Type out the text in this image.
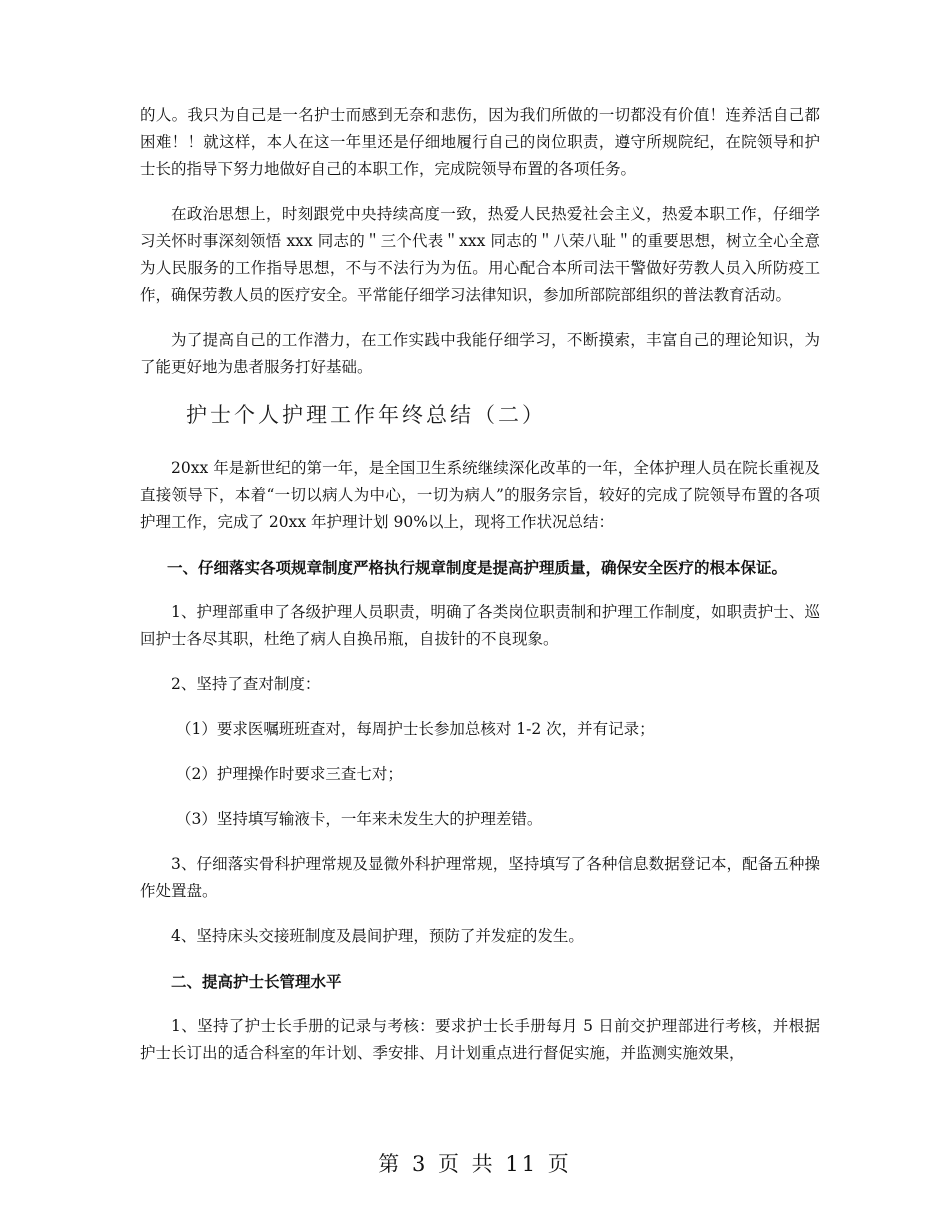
的人。我只为自己是一名护士而感到无奈和悲伤，因为我们所做的一切都没有价值！连养活自己都困难！！就这样，本人在这一年里还是仔细地履行自己的岗位职责，遵守所规院纪，在院领导和护士长的指导下努力地做好自己的本职工作，完成院领导布置的各项任务。

在政治思想上，时刻跟党中央持续高度一致，热爱人民热爱社会主义，热爱本职工作，仔细学习关怀时事深刻领悟 xxx 同志的＂三个代表＂xxx 同志的＂八荣八耻＂的重要思想，树立全心全意为人民服务的工作指导思想，不与不法行为为伍。用心配合本所司法干警做好劳教人员入所防疫工作，确保劳教人员的医疗安全。平常能仔细学习法律知识，参加所部院部组织的普法教育活动。

为了提高自己的工作潜力，在工作实践中我能仔细学习，不断摸索，丰富自己的理论知识，为了能更好地为患者服务打好基础。

护士个人护理工作年终总结（二）

20xx 年是新世纪的第一年，是全国卫生系统继续深化改革的一年，全体护理人员在院长重视及直接领导下，本着“一切以病人为中心，一切为病人”的服务宗旨，较好的完成了院领导布置的各项护理工作，完成了 20xx 年护理计划 90%以上，现将工作状况总结：

一、仔细落实各项规章制度严格执行规章制度是提高护理质量，确保安全医疗的根本保证。

1、护理部重申了各级护理人员职责，明确了各类岗位职责制和护理工作制度，如职责护士、巡回护士各尽其职，杜绝了病人自换吊瓶，自拔针的不良现象。

2、坚持了查对制度：

（1）要求医嘱班班查对，每周护士长参加总核对 1-2 次，并有记录；

（2）护理操作时要求三查七对；

（3）坚持填写输液卡，一年来未发生大的护理差错。

3、仔细落实骨科护理常规及显微外科护理常规，坚持填写了各种信息数据登记本，配备五种操作处置盘。

4、坚持床头交接班制度及晨间护理，预防了并发症的发生。

二、提高护士长管理水平

1、坚持了护士长手册的记录与考核：要求护士长手册每月 5 日前交护理部进行考核，并根据护士长订出的适合科室的年计划、季安排、月计划重点进行督促实施，并监测实施效果，

第 3 页 共 11 页
